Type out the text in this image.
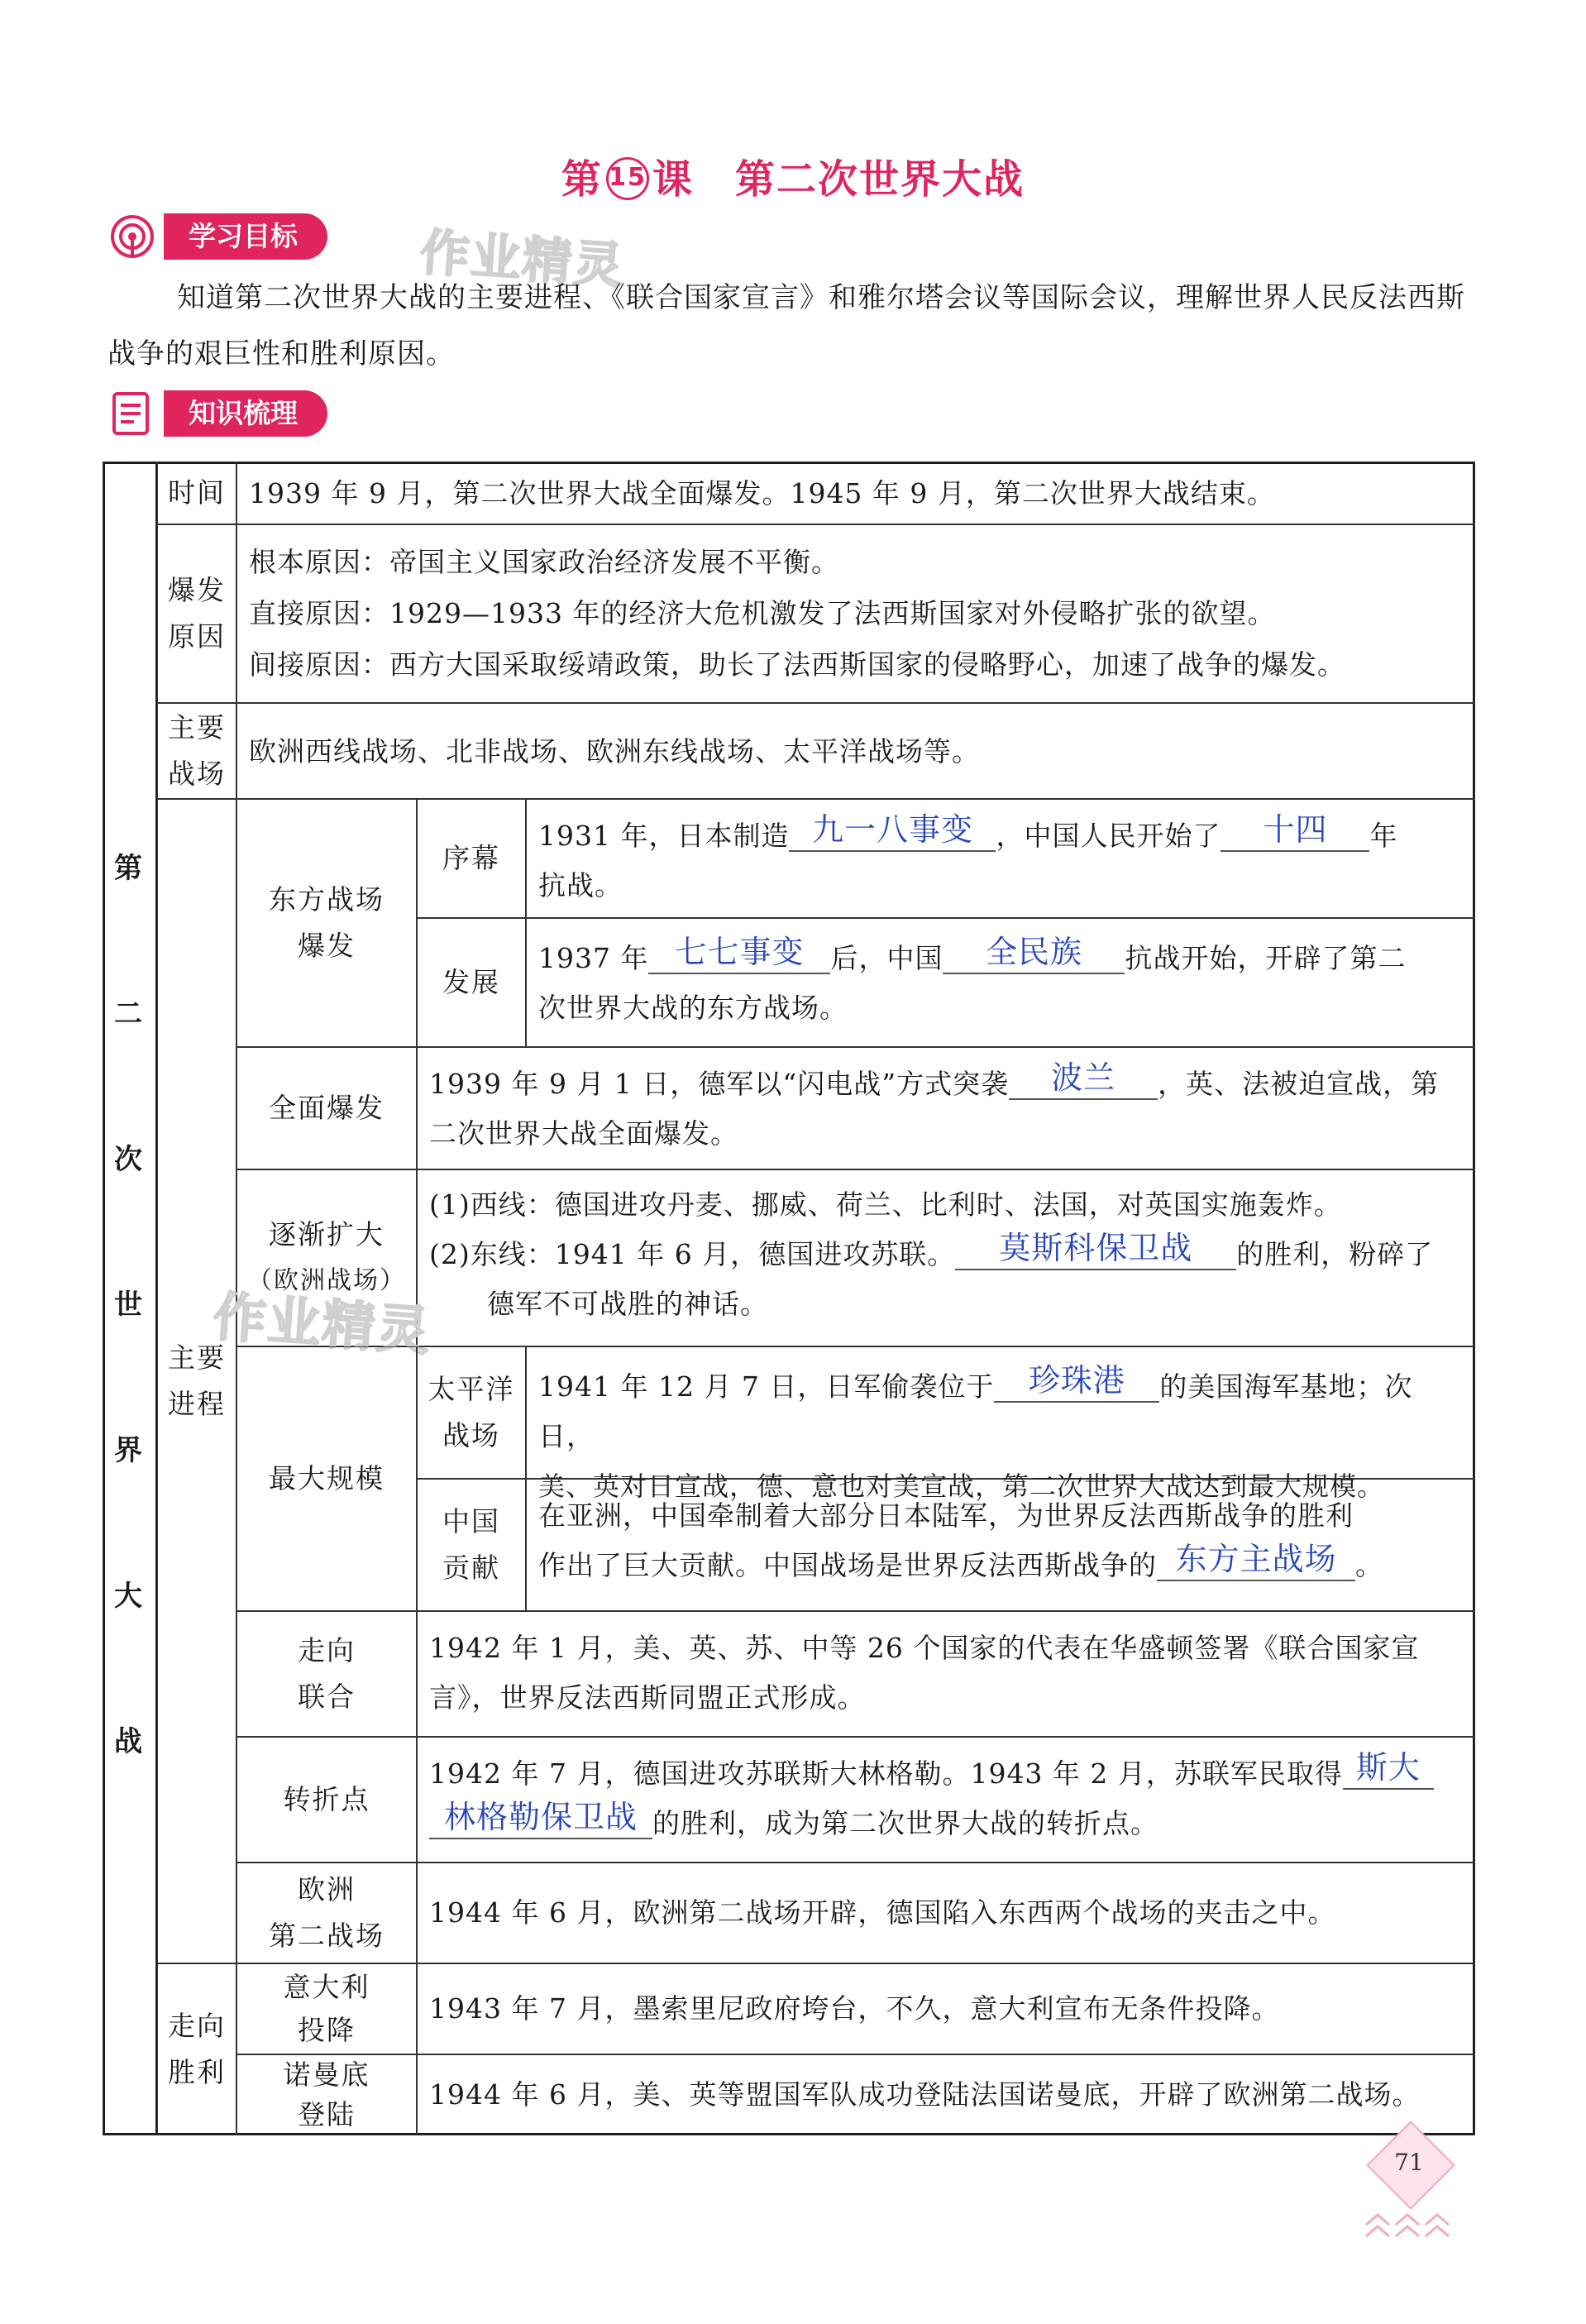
第 15 课 第二次世界大战
学习目标	作业精灵
知道第二次世界大战的主要进程、《联合国家宣言》和雅尔塔会议等国际会议，理解世界人民反法西斯战争的艰巨性和胜利原因。
知识梳理
第
二
次
世
界
大
战
时间 1939 年 9 月，第二次世界大战全面爆发。1945 年 9 月，第二次世界大战结束。
爆发
原因
根本原因：帝国主义国家政治经济发展不平衡。
直接原因：1929—1933 年的经济大危机激发了法西斯国家对外侵略扩张的欲望。
间接原因：西方大国采取绥靖政策，助长了法西斯国家的侵略野心，加速了战争的爆发。
主要
战场
欧洲西线战场、北非战场、欧洲东线战场、太平洋战场等。
主要
进程
东方战场
爆发
序幕
1931 年，日本制造 九一八事变 ，中国人民开始了 十四 年
抗战。
发展
1937 年 七七事变 后，中国 全民族 抗战开始，开辟了第二
次世界大战的东方战场。
全面爆发
1939 年 9 月 1 日，德军以“闪电战”方式突袭 波兰 ，英、法被迫宣战，第
二次世界大战全面爆发。
逐渐扩大
（欧洲战场）
(1)西线：德国进攻丹麦、挪威、荷兰、比利时、法国，对英国实施轰炸。
(2)东线：1941 年 6 月，德国进攻苏联。 莫斯科保卫战 的胜利，粉碎了
德军不可战胜的神话。
作业精灵
最大规模
太平洋
战场
1941 年 12 月 7 日，日军偷袭位于 珍珠港 的美国海军基地；次日，
美、英对日宣战，德、意也对美宣战，第二次世界大战达到最大规模。
中国
贡献
在亚洲，中国牵制着大部分日本陆军，为世界反法西斯战争的胜利
作出了巨大贡献。中国战场是世界反法西斯战争的 东方主战场 。
走向
联合
1942 年 1 月，美、英、苏、中等 26 个国家的代表在华盛顿签署《联合国家宣
言》，世界反法西斯同盟正式形成。
转折点
1942 年 7 月，德国进攻苏联斯大林格勒。1943 年 2 月，苏联军民取得 斯大
林格勒保卫战 的胜利，成为第二次世界大战的转折点。
欧洲
第二战场
1944 年 6 月，欧洲第二战场开辟，德国陷入东西两个战场的夹击之中。
走向
胜利
意大利
投降
1943 年 7 月，墨索里尼政府垮台，不久，意大利宣布无条件投降。
诺曼底
登陆
1944 年 6 月，美、英等盟国军队成功登陆法国诺曼底，开辟了欧洲第二战场。
71
